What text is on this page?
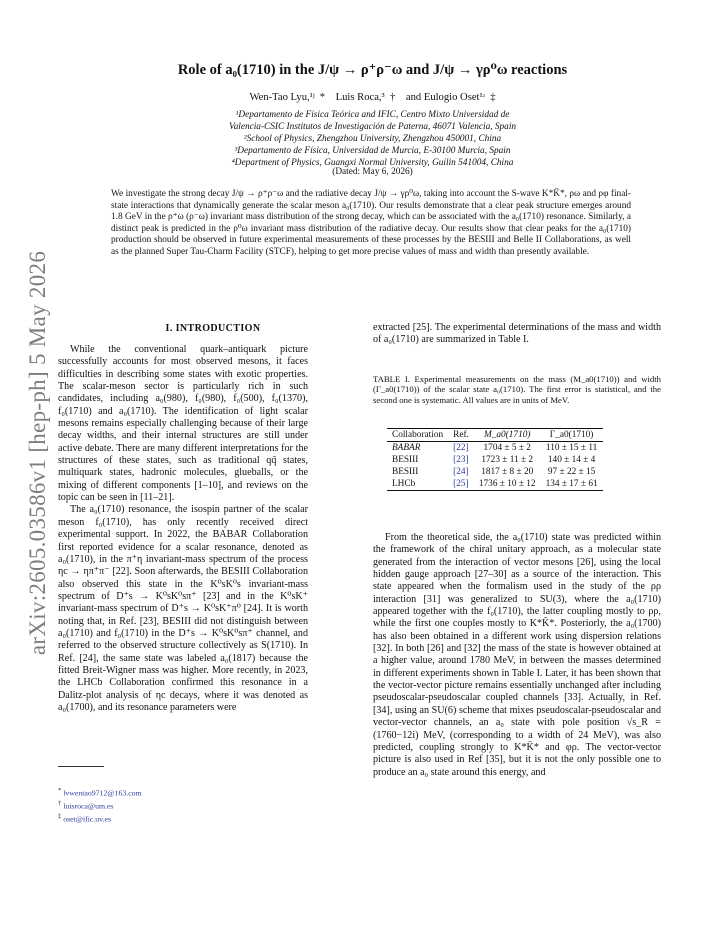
arXiv:2605.03586v1 [hep-ph] 5 May 2026
Role of a₀(1710) in the J/ψ → ρ⁺ρ⁻ω and J/ψ → γρ⁰ω reactions
Wen-Tao Lyu,¹ʲ * Luis Roca,³ † and Eulogio Oset¹ʴ ‡
¹Departamento de Física Teórica and IFIC, Centro Mixto Universidad de
Valencia-CSIC Institutos de Investigación de Paterna, 46071 Valencia, Spain
²School of Physics, Zhengzhou University, Zhengzhou 450001, China
³Departamento de Física, Universidad de Murcia, E-30100 Murcia, Spain
⁴Department of Physics, Guangxi Normal University, Guilin 541004, China
(Dated: May 6, 2026)
We investigate the strong decay J/ψ → ρ⁺ρ⁻ω and the radiative decay J/ψ → γρ⁰ω, taking into account the S-wave K*K̄*, ρω and ρφ final-state interactions that dynamically generate the scalar meson a₀(1710). Our results demonstrate that a clear peak structure emerges around 1.8 GeV in the ρ⁺ω (ρ⁻ω) invariant mass distribution of the strong decay, which can be associated with the a₀(1710) resonance. Similarly, a distinct peak is predicted in the ρ⁰ω invariant mass distribution of the radiative decay. Our results show that clear peaks for the a₀(1710) production should be observed in future experimental measurements of these processes by the BESIII and Belle II Collaborations, as well as the planned Super Tau-Charm Facility (STCF), helping to get more precise values of mass and width than presently available.
I. INTRODUCTION

While the conventional quark–antiquark picture successfully accounts for most observed mesons, it faces difficulties in describing some states with exotic properties. The scalar-meson sector is particularly rich in such candidates, including a₀(980), f₀(980), f₀(500), f₀(1370), f₀(1710) and a₀(1710). The identification of light scalar mesons remains especially challenging because of their large decay widths, and their internal structures are still under active debate. There are many different interpretations for the structures of these states, such as traditional qq̄ states, multiquark states, hadronic molecules, glueballs, or the mixing of different components [1–10], and reviews on the topic can be seen in [11–21].

The a₀(1710) resonance, the isospin partner of the scalar meson f₀(1710), has only recently received direct experimental support. In 2022, the BABAR Collaboration first reported evidence for a scalar resonance, denoted as a₀(1710), in the π⁺η invariant-mass spectrum of the process ηc → ηπ⁺π⁻ [22]. Soon afterwards, the BESIII Collaboration also observed this state in the K⁰sK⁰s invariant-mass spectrum of D⁺s → K⁰sK⁰sπ⁺ [23] and in the K⁰sK⁺ invariant-mass spectrum of D⁺s → K⁰sK⁺π⁰ [24]. It is worth noting that, in Ref. [23], BESIII did not distinguish between a₀(1710) and f₀(1710) in the D⁺s → K⁰sK⁰sπ⁺ channel, and referred to the observed structure collectively as S(1710). In Ref. [24], the same state was labeled a₀(1817) because the fitted Breit-Wigner mass was higher. More recently, in 2023, the LHCb Collaboration confirmed this resonance in a Dalitz-plot analysis of ηc decays, where it was denoted as a₀(1700), and its resonance parameters were

* lvwentao9712@163.com
† luisroca@um.es
‡ oset@ific.uv.es

extracted [25]. The experimental determinations of the mass and width of a₀(1710) are summarized in Table I.

TABLE I. Experimental measurements on the mass (M_a0(1710)) and width (Γ_a0(1710)) of the scalar state a₀(1710). The first error is statistical, and the second one is systematic. All values are in units of MeV.
Collaboration	Ref.	M_a0(1710)	Γ_a0(1710)
BABAR	[22]	1704 ± 5 ± 2	110 ± 15 ± 11
BESIII	[23]	1723 ± 11 ± 2	140 ± 14 ± 4
BESIII	[24]	1817 ± 8 ± 20	97 ± 22 ± 15
LHCb	[25]	1736 ± 10 ± 12	134 ± 17 ± 61

From the theoretical side, the a₀(1710) state was predicted within the framework of the chiral unitary approach, as a molecular state generated from the interaction of vector mesons [26], using the local hidden gauge approach [27–30] as a source of the interaction. This state appeared when the formalism used in the study of the ρρ interaction [31] was generalized to SU(3), where the a₀(1710) appeared together with the f₀(1710), the latter coupling mostly to ρρ, while the first one couples mostly to K*K̄*. Posteriorly, the a₀(1700) has also been obtained in a different work using dispersion relations [32]. In both [26] and [32] the mass of the state is however obtained at a higher value, around 1780 MeV, in between the masses determined in different experiments shown in Table I. Later, it has been shown that the vector-vector picture remains essentially unchanged after including pseudoscalar-pseudoscalar coupled channels [33]. Actually, in Ref. [34], using an SU(6) scheme that mixes pseudoscalar-pseudoscalar and vector-vector channels, an a₀ state with pole position √s_R = (1760−12i) MeV, (corresponding to a width of 24 MeV), was also predicted, coupling strongly to K*K̄* and φρ. The vector-vector picture is also used in Ref [35], but it is not the only possible one to produce an a₀ state around this energy, and
